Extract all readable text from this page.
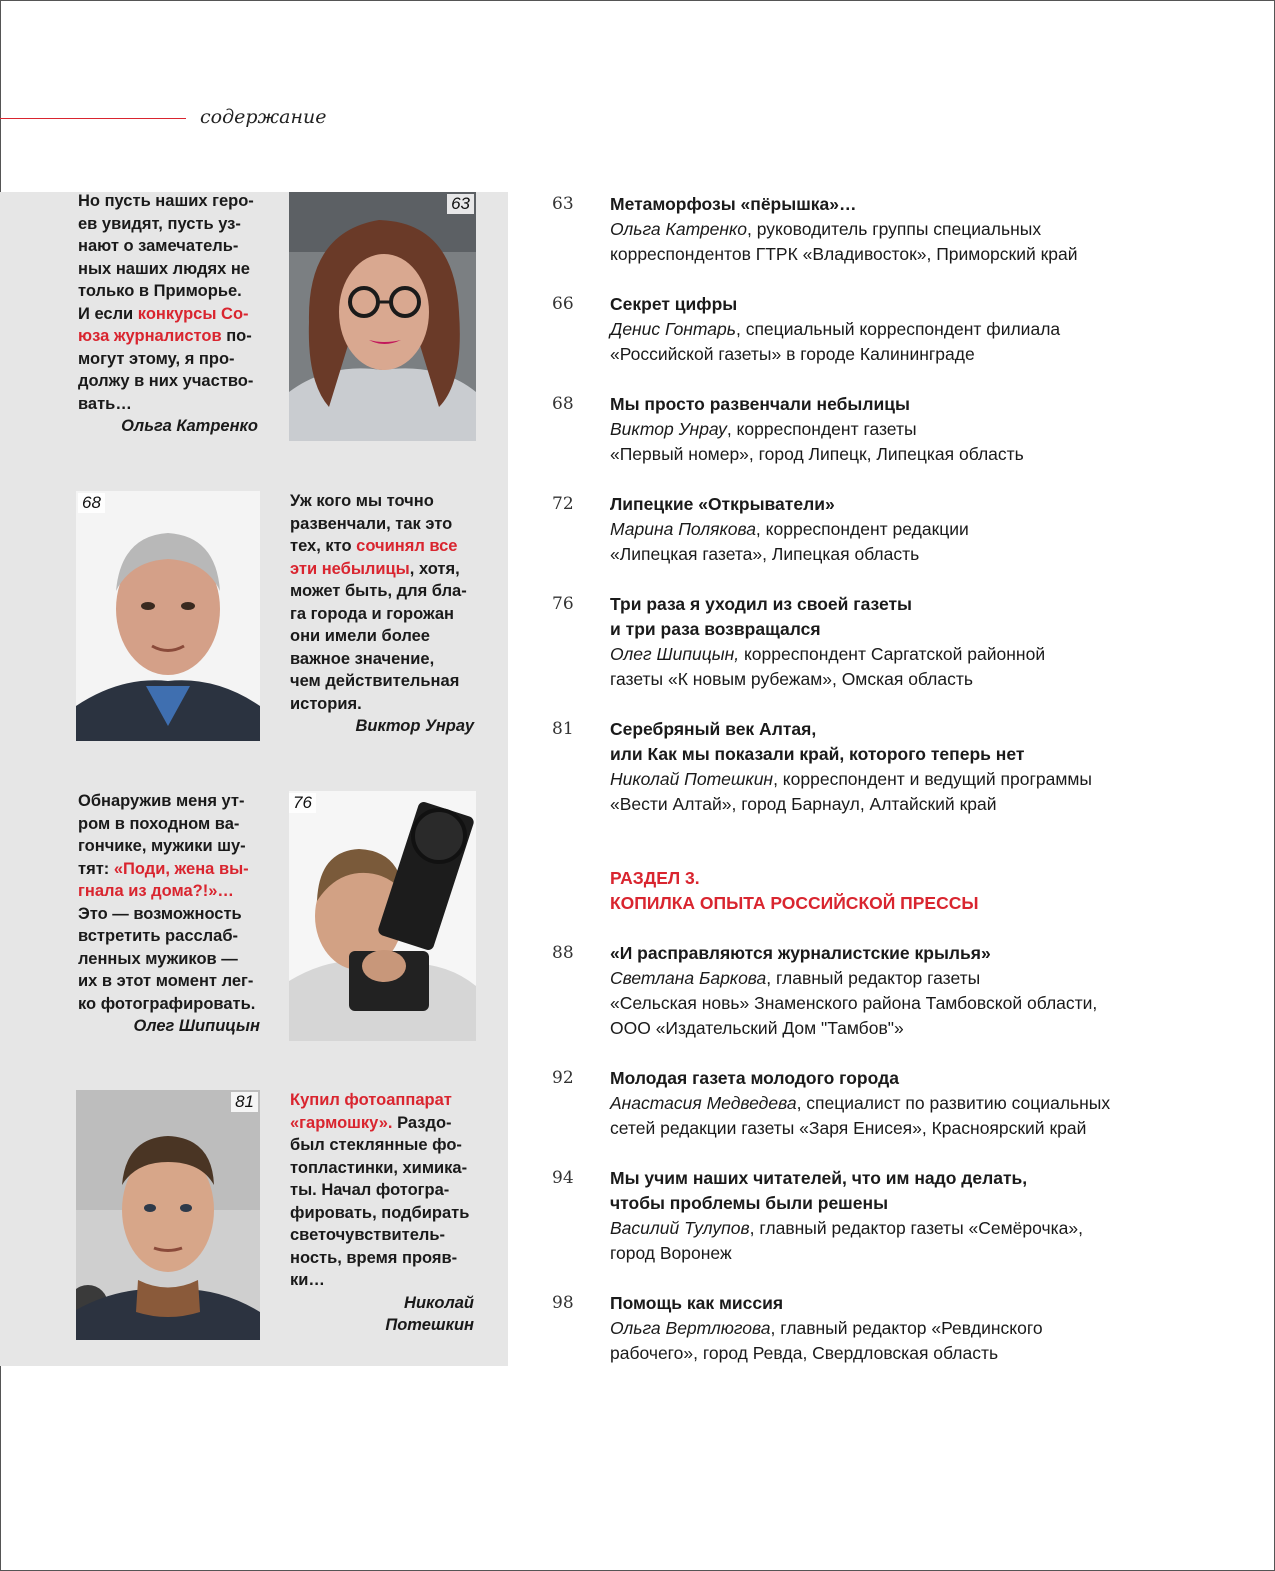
содержание
Но пусть наших геро-
ев увидят, пусть уз-
нают о замечатель-
ных наших людях не
только в Приморье.
И если конкурсы Со-
юза журналистов по-
могут этому, я про-
должу в них участво-
вать…
Ольга Катренко
63
68	Уж кого мы точно
развенчали, так это
тех, кто сочинял все
эти небылицы, хотя,
может быть, для бла-
га города и горожан
они имели более
важное значение,
чем действительная
история.
Виктор Унрау
Обнаружив меня ут-
ром в походном ва-
гончике, мужики шу-
тят: «Поди, жена вы-
гнала из дома?!»…
Это — возможность
встретить расслаб-
ленных мужиков —
их в этот момент лег-
ко фотографировать.
Олег Шипицын
76
81 Купил фотоаппарат
«гармошку». Раздо-
был стеклянные фо-
топластинки, химика-
ты. Начал фотогра-
фировать, подбирать
светочувствитель-
ность, время прояв-
ки…
Николай
Потешкин
63 Метаморфозы «пёрышка»…
Ольга Катренко, руководитель группы специальных
корреспондентов ГТРК «Владивосток», Приморский край
66 Секрет цифры
Денис Гонтарь, специальный корреспондент филиала
«Российской газеты» в городе Калининграде
68 Мы просто развенчали небылицы
Виктор Унрау, корреспондент газеты
«Первый номер», город Липецк, Липецкая область
72 Липецкие «Открыватели»
Марина Полякова, корреспондент редакции
«Липецкая газета», Липецкая область
76 Три раза я уходил из своей газеты
и три раза возвращался
Олег Шипицын, корреспондент Саргатской районной
газеты «К новым рубежам», Омская область
81 Серебряный век Алтая,
или Как мы показали край, которого теперь нет
Николай Потешкин, корреспондент и ведущий программы
«Вести Алтай», город Барнаул, Алтайский край
РАЗДЕЛ 3.
КОПИЛКА ОПЫТА РОССИЙСКОЙ ПРЕССЫ
88 «И расправляются журналистские крылья»
Светлана Баркова, главный редактор газеты
«Сельская новь» Знаменского района Тамбовской области,
ООО «Издательский Дом "Тамбов"»
92 Молодая газета молодого города
Анастасия Медведева, специалист по развитию социальных
сетей редакции газеты «Заря Енисея», Красноярский край
94 Мы учим наших читателей, что им надо делать,
чтобы проблемы были решены
Василий Тулупов, главный редактор газеты «Семёрочка»,
город Воронеж
98 Помощь как миссия
Ольга Вертлюгова, главный редактор «Ревдинского
рабочего», город Ревда, Свердловская область
